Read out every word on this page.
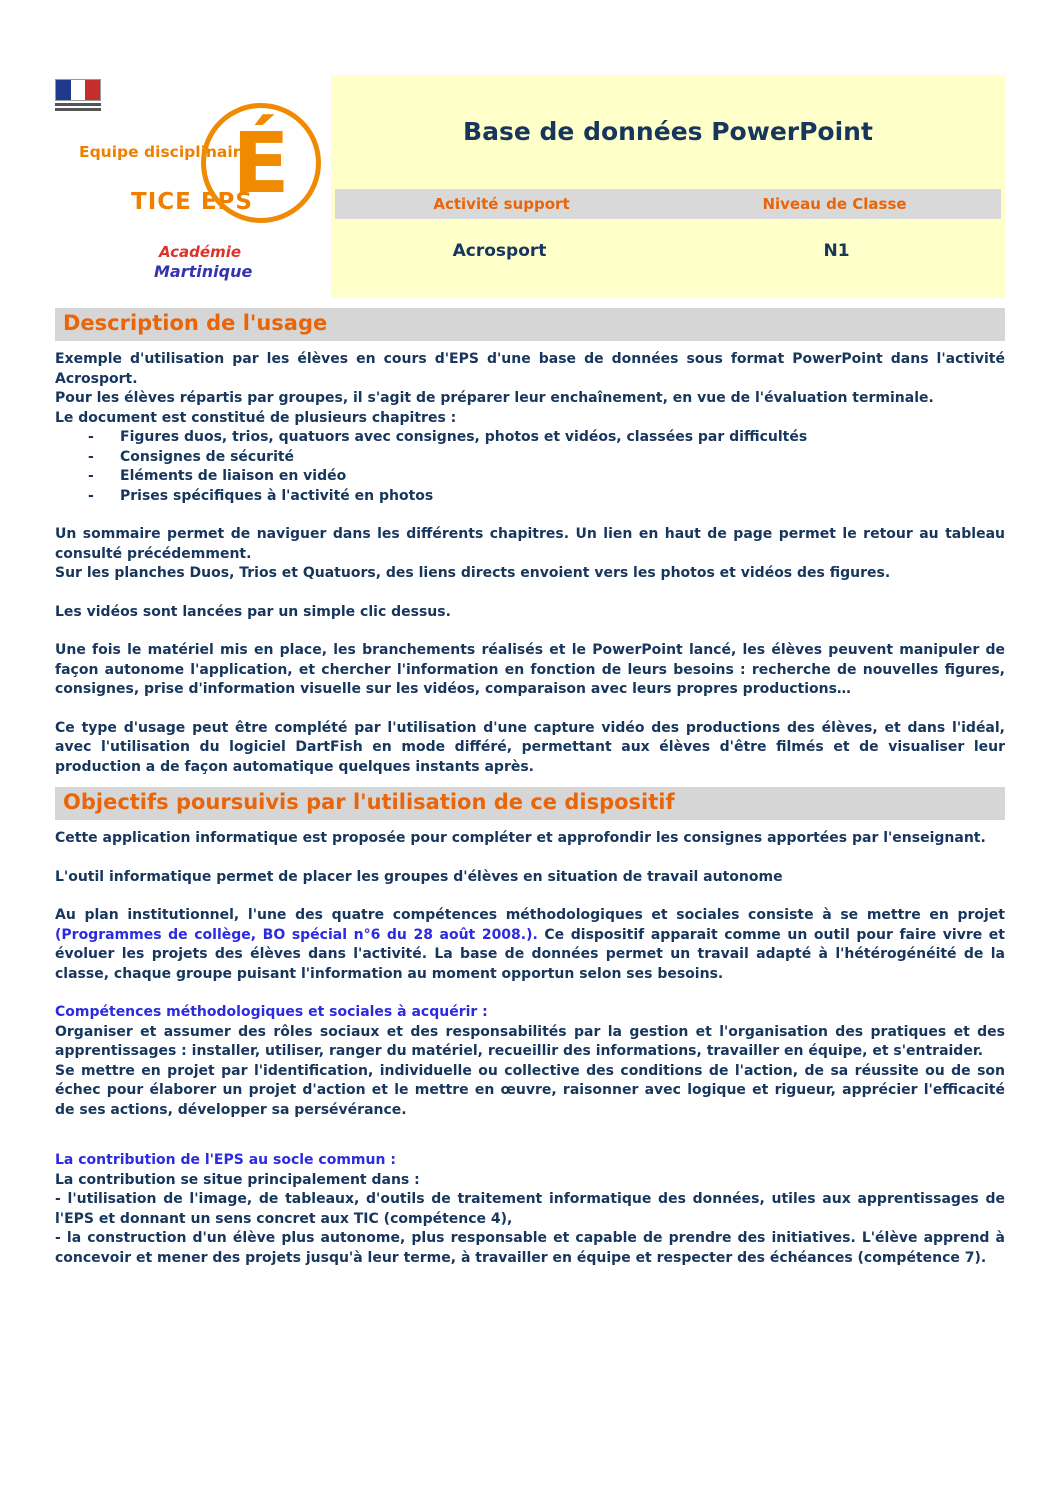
Equipe disciplinaire
TICE EPS
É
Académie
Martinique
Base de données PowerPoint
Activité support	Niveau de Classe
Acrosport	N1
Description de l'usage

Exemple d'utilisation par les élèves en cours d'EPS d'une base de données sous format PowerPoint dans l'activité Acrosport.

Pour les élèves répartis par groupes, il s'agit de préparer leur enchaînement, en vue de l'évaluation terminale.

Le document est constitué de plusieurs chapitres :

-	Figures duos, trios, quatuors avec consignes, photos et vidéos, classées par difficultés
-	Consignes de sécurité
-	Eléments de liaison en vidéo
-	Prises spécifiques à l'activité en photos

Un sommaire permet de naviguer dans les différents chapitres. Un lien en haut de page permet le retour au tableau consulté précédemment.

Sur les planches Duos, Trios et Quatuors, des liens directs envoient vers les photos et vidéos des figures.

Les vidéos sont lancées par un simple clic dessus.

Une fois le matériel mis en place, les branchements réalisés et le PowerPoint lancé, les élèves peuvent manipuler de façon autonome l'application, et chercher l'information en fonction de leurs besoins : recherche de nouvelles figures, consignes, prise d'information visuelle sur les vidéos, comparaison avec leurs propres productions…

Ce type d'usage peut être complété par l'utilisation d'une capture vidéo des productions des élèves, et dans l'idéal, avec l'utilisation du logiciel DartFish en mode différé, permettant aux élèves d'être filmés et de visualiser leur production a de façon automatique quelques instants après.

Objectifs poursuivis par l'utilisation de ce dispositif

Cette application informatique est proposée pour compléter et approfondir les consignes apportées par l'enseignant.

L'outil informatique permet de placer les groupes d'élèves en situation de travail autonome

Au plan institutionnel, l'une des quatre compétences méthodologiques et sociales consiste à se mettre en projet (Programmes de collège, BO spécial n°6 du 28 août 2008.). Ce dispositif apparait comme un outil pour faire vivre et évoluer les projets des élèves dans l'activité. La base de données permet un travail adapté à l'hétérogénéité de la classe, chaque groupe puisant l'information au moment opportun selon ses besoins.

Compétences méthodologiques et sociales à acquérir :

Organiser et assumer des rôles sociaux et des responsabilités par la gestion et l'organisation des pratiques et des apprentissages : installer, utiliser, ranger du matériel, recueillir des informations, travailler en équipe, et s'entraider.

Se mettre en projet par l'identification, individuelle ou collective des conditions de l'action, de sa réussite ou de son échec pour élaborer un projet d'action et le mettre en œuvre, raisonner avec logique et rigueur, apprécier l'efficacité de ses actions, développer sa persévérance.

La contribution de l'EPS au socle commun :

La contribution se situe principalement dans :

- l'utilisation de l'image, de tableaux, d'outils de traitement informatique des données, utiles aux apprentissages de l'EPS et donnant un sens concret aux TIC (compétence 4),

- la construction d'un élève plus autonome, plus responsable et capable de prendre des initiatives. L'élève apprend à concevoir et mener des projets jusqu'à leur terme, à travailler en équipe et respecter des échéances (compétence 7).
